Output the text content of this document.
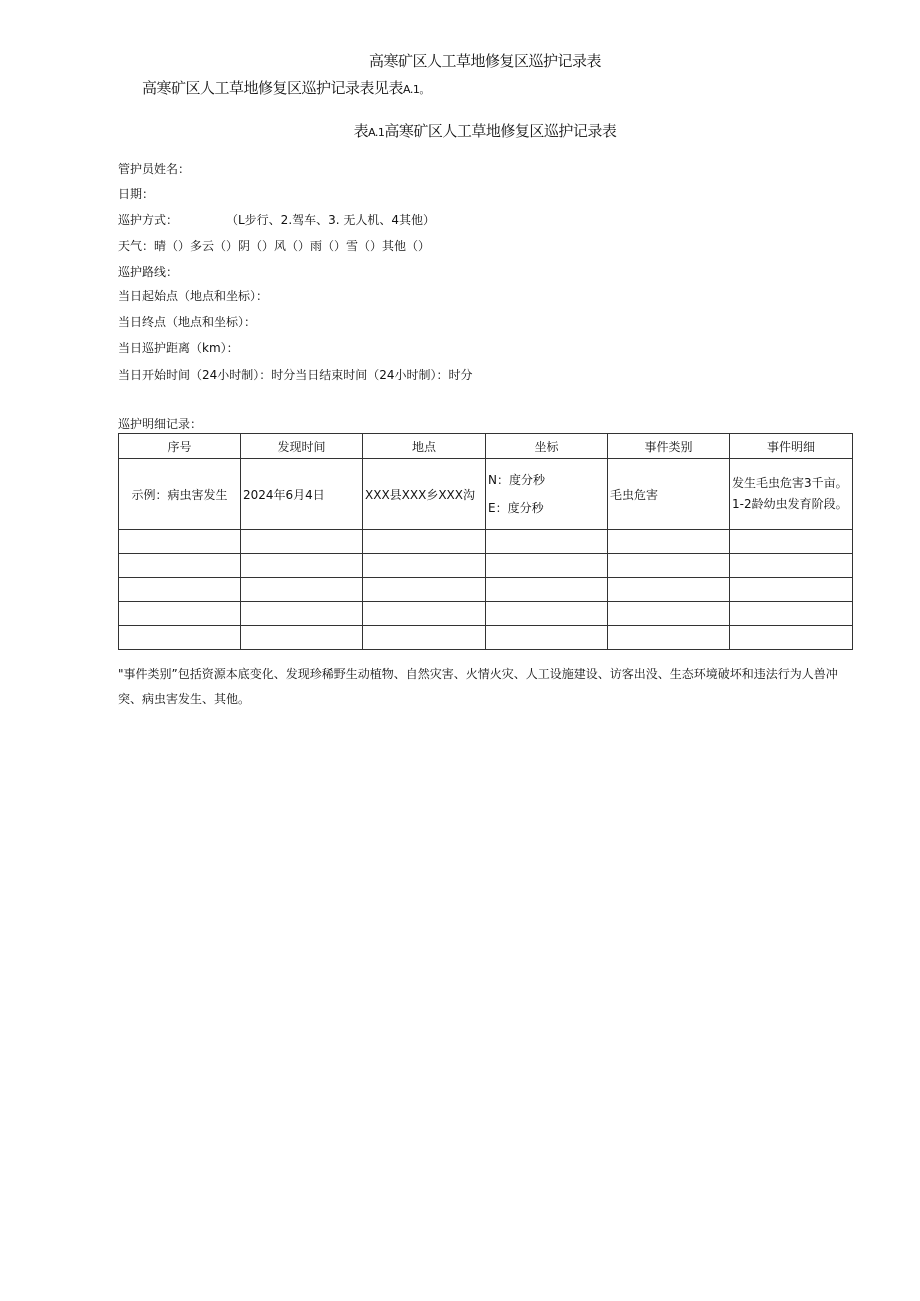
高寒矿区人工草地修复区巡护记录表
高寒矿区人工草地修复区巡护记录表见表A.1。
表A.1高寒矿区人工草地修复区巡护记录表
管护员姓名：
日期：
巡护方式：	（L步行、2.驾车、3. 无人机、4其他）
天气：晴（）多云（）阴（）风（）雨（）雪（）其他（）
巡护路线：
当日起始点（地点和坐标）：
当日终点（地点和坐标）：
当日巡护距离（km）：
当日开始时间（24小时制）：时分当日结束时间（24小时制）：时分
巡护明细记录：
序号	发现时间	地点	坐标	事件类别	事件明细
示例：病虫害发生	2024年6月4日	XXX县XXX乡XXX沟	N：度分秒
E：度分秒	毛虫危害	发生毛虫危害3千亩。1-2龄幼虫发育阶段。

"事件类别”包括资源本底变化、发现珍稀野生动植物、自然灾害、火情火灾、人工设施建设、访客出没、生态环境破坏和违法行为人兽冲突、病虫害发生、其他。
